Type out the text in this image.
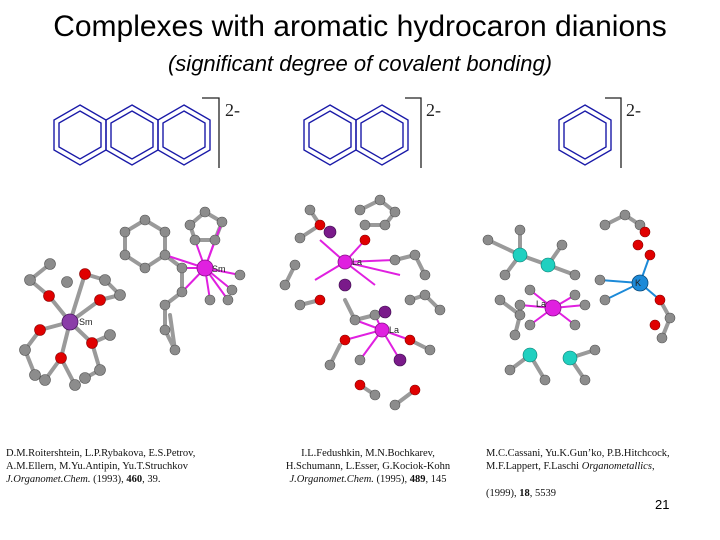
Complexes with aromatic hydrocaron dianions
(significant degree of covalent bonding)
Sm
Sm
La
La
La
K
2-	2-	2-
D.M.Roitershtein, L.P.Rybakova, E.S.Petrov,
A.M.Ellern, M.Yu.Antipin, Yu.T.Struchkov
J.Organomet.Chem. (1993), 460, 39.
I.L.Fedushkin, M.N.Bochkarev,
H.Schumann, L.Esser, G.Kociok-Kohn
J.Organomet.Chem. (1995), 489, 145
M.C.Cassani, Yu.K.Gun’ko, P.B.Hitchcock,
M.F.Lappert, F.Laschi Organometallics,
(1999), 18, 5539
21
